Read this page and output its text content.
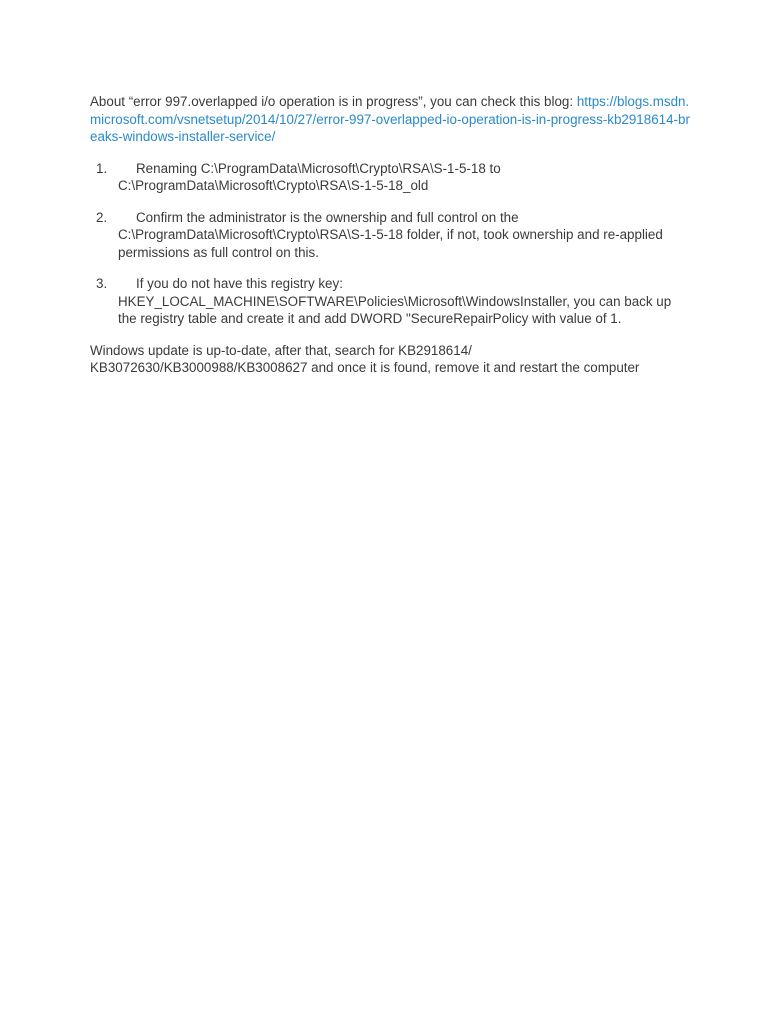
About “error 997.overlapped i/o operation is in progress”, you can check this blog: https://blogs.msdn.microsoft.com/vsnetsetup/2014/10/27/error-997-overlapped-io-operation-is-in-progress-kb2918614-breaks-windows-installer-service/

1.	Renaming C:\ProgramData\Microsoft\Crypto\RSA\S-1-5-18 to C:\ProgramData\Microsoft\Crypto\RSA\S-1-5-18_old
2.	Confirm the administrator is the ownership and full control on the C:\ProgramData\Microsoft\Crypto\RSA\S-1-5-18 folder, if not, took ownership and re-applied permissions as full control on this.
3.	If you do not have this registry key: HKEY_LOCAL_MACHINE\SOFTWARE\Policies\Microsoft\WindowsInstaller, you can back up the registry table and create it and add DWORD "SecureRepairPolicy with value of 1.

Windows update is up-to-date, after that, search for KB2918614/ KB3072630/KB3000988/KB3008627 and once it is found, remove it and restart the computer
